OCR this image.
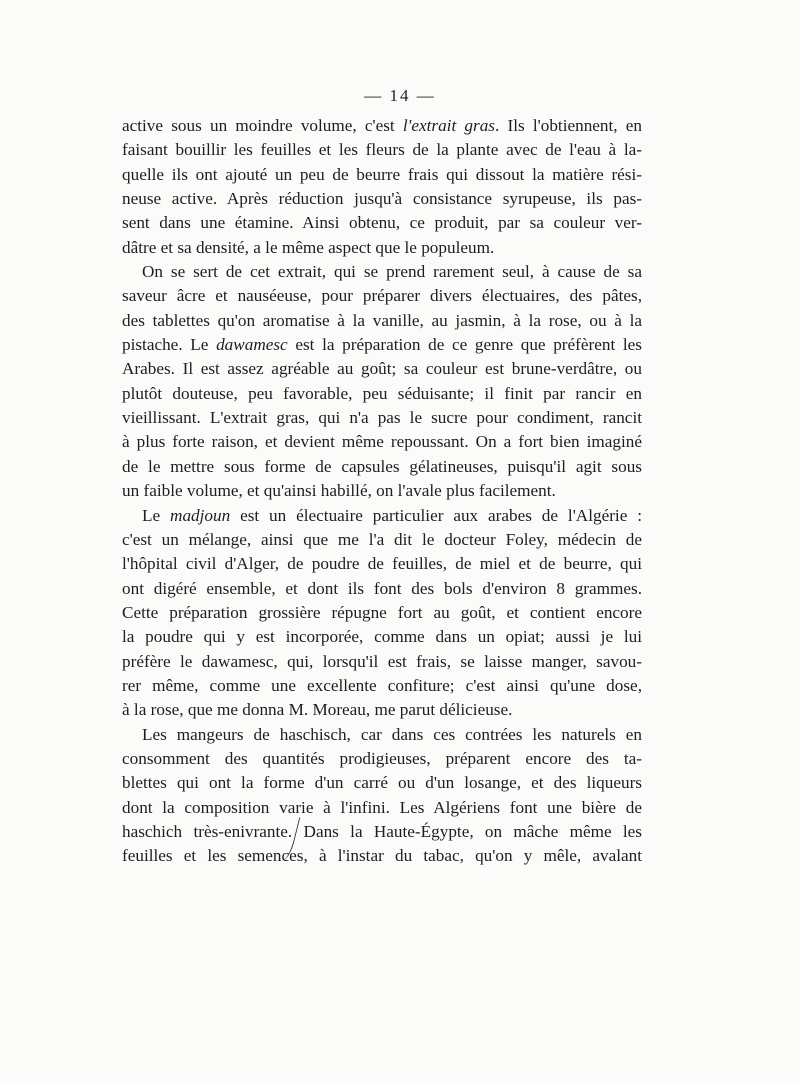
— 14 —
active sous un moindre volume, c'est l'extrait gras. Ils l'obtiennent, en
faisant bouillir les feuilles et les fleurs de la plante avec de l'eau à la-
quelle ils ont ajouté un peu de beurre frais qui dissout la matière rési-
neuse active. Après réduction jusqu'à consistance syrupeuse, ils pas-
sent dans une étamine. Ainsi obtenu, ce produit, par sa couleur ver-
dâtre et sa densité, a le même aspect que le populeum.
On se sert de cet extrait, qui se prend rarement seul, à cause de sa
saveur âcre et nauséeuse, pour préparer divers électuaires, des pâtes,
des tablettes qu'on aromatise à la vanille, au jasmin, à la rose, ou à la
pistache. Le dawamesc est la préparation de ce genre que préfèrent les
Arabes. Il est assez agréable au goût; sa couleur est brune-verdâtre, ou
plutôt douteuse, peu favorable, peu séduisante; il finit par rancir en
vieillissant. L'extrait gras, qui n'a pas le sucre pour condiment, rancit
à plus forte raison, et devient même repoussant. On a fort bien imaginé
de le mettre sous forme de capsules gélatineuses, puisqu'il agit sous
un faible volume, et qu'ainsi habillé, on l'avale plus facilement.
Le madjoun est un électuaire particulier aux arabes de l'Algérie :
c'est un mélange, ainsi que me l'a dit le docteur Foley, médecin de
l'hôpital civil d'Alger, de poudre de feuilles, de miel et de beurre, qui
ont digéré ensemble, et dont ils font des bols d'environ 8 grammes.
Cette préparation grossière répugne fort au goût, et contient encore
la poudre qui y est incorporée, comme dans un opiat; aussi je lui
préfère le dawamesc, qui, lorsqu'il est frais, se laisse manger, savou-
rer même, comme une excellente confiture; c'est ainsi qu'une dose,
à la rose, que me donna M. Moreau, me parut délicieuse.
Les mangeurs de haschisch, car dans ces contrées les naturels en
consomment des quantités prodigieuses, préparent encore des ta-
blettes qui ont la forme d'un carré ou d'un losange, et des liqueurs
dont la composition varie à l'infini. Les Algériens font une bière de
haschich très-enivrante. Dans la Haute-Égypte, on mâche même les
feuilles et les semences, à l'instar du tabac, qu'on y mêle, avalant
